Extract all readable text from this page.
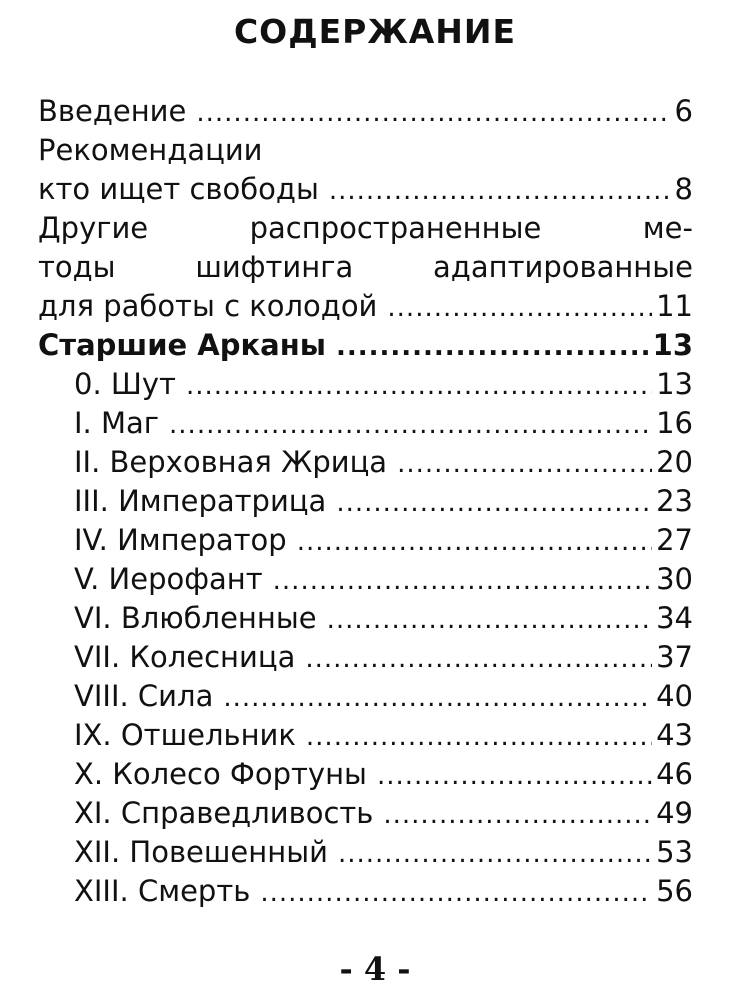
СОДЕРЖАНИЕ
Введение .....	6
Рекомендации
кто ищет свободы .....	8
Другие распространенные ме-
тоды шифтинга адаптированные
для работы с колодой .....	11
Старшие Арканы .....	13
0. Шут .....	13
I. Маг .....	16
II. Верховная Жрица .....	20
III. Императрица .....	23
IV. Император .....	27
V. Иерофант .....	30
VI. Влюбленные .....	34
VII. Колесница .....	37
VIII. Сила .....	40
IX. Отшельник .....	43
X. Колесо Фортуны .....	46
XI. Справедливость .....	49
XII. Повешенный .....	53
XIII. Смерть .....	56
- 4 -
